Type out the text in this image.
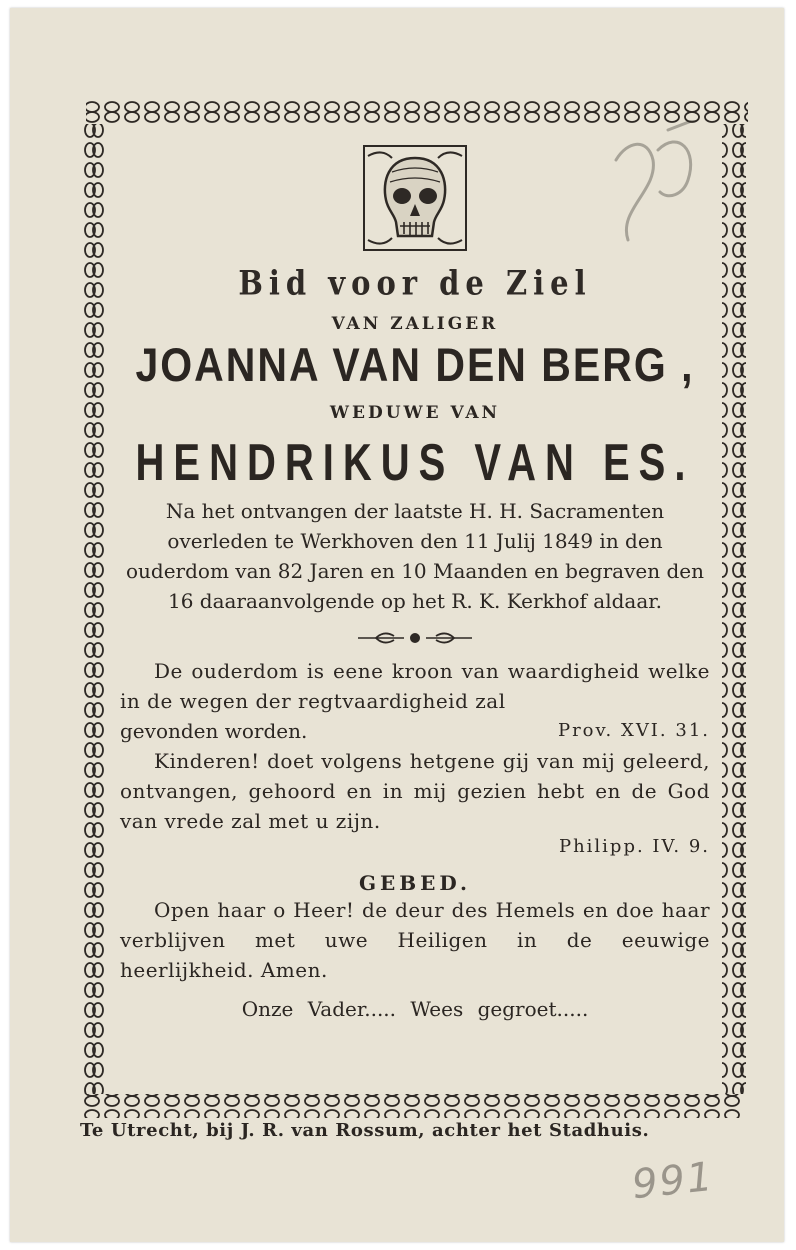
Bid voor de Ziel
VAN ZALIGER
JOANNA VAN DEN BERG ,
WEDUWE VAN
HENDRIKUS VAN ES.
Na het ontvangen der laatste H. H. Sacramenten overleden te Werkhoven den 11 Julij 1849 in den ouderdom van 82 Jaren en 10 Maanden en begraven den 16 daaraanvolgende op het R. K. Kerkhof aldaar.
De ouderdom is eene kroon van waardigheid welke in de wegen der regtvaardigheid zal
gevonden worden.	Prov. XVI. 31.
Kinderen! doet volgens hetgene gij van mij geleerd, ontvangen, gehoord en in mij gezien hebt en de God van vrede zal met u zijn.
Philipp. IV. 9.
GEBED.
Open haar o Heer! de deur des Hemels en doe haar verblijven met uwe Heiligen in de eeuwige heerlijkheid. Amen.
Onze Vader..... Wees gegroet.....
Te Utrecht, bij J. R. van Rossum, achter het Stadhuis.
991
